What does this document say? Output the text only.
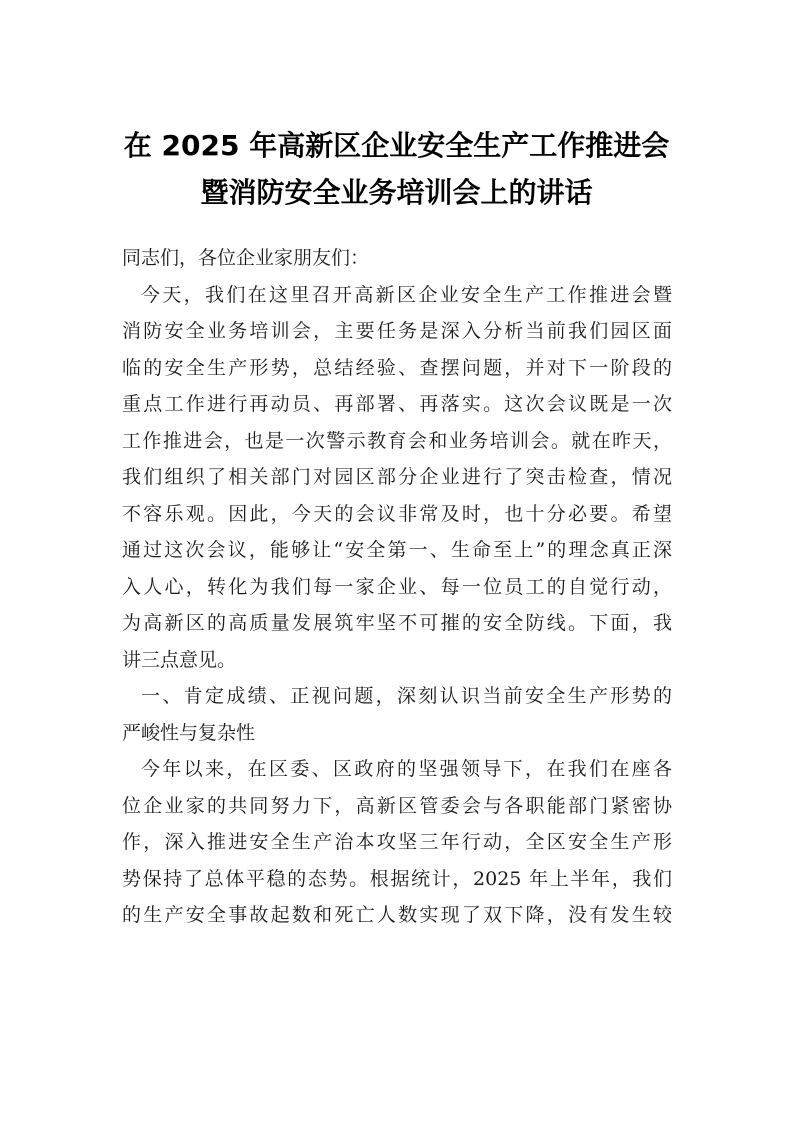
在 2025 年高新区企业安全生产工作推进会
暨消防安全业务培训会上的讲话
同志们，各位企业家朋友们：
今天，我们在这里召开高新区企业安全生产工作推进会暨
消防安全业务培训会，主要任务是深入分析当前我们园区面
临的安全生产形势，总结经验、查摆问题，并对下一阶段的
重点工作进行再动员、再部署、再落实。这次会议既是一次
工作推进会，也是一次警示教育会和业务培训会。就在昨天，
我们组织了相关部门对园区部分企业进行了突击检查，情况
不容乐观。因此，今天的会议非常及时，也十分必要。希望
通过这次会议，能够让“安全第一、生命至上”的理念真正深
入人心，转化为我们每一家企业、每一位员工的自觉行动，
为高新区的高质量发展筑牢坚不可摧的安全防线。下面，我
讲三点意见。
一、肯定成绩、正视问题，深刻认识当前安全生产形势的
严峻性与复杂性
今年以来，在区委、区政府的坚强领导下，在我们在座各
位企业家的共同努力下，高新区管委会与各职能部门紧密协
作，深入推进安全生产治本攻坚三年行动，全区安全生产形
势保持了总体平稳的态势。根据统计，2025 年上半年，我们
的生产安全事故起数和死亡人数实现了双下降，没有发生较
